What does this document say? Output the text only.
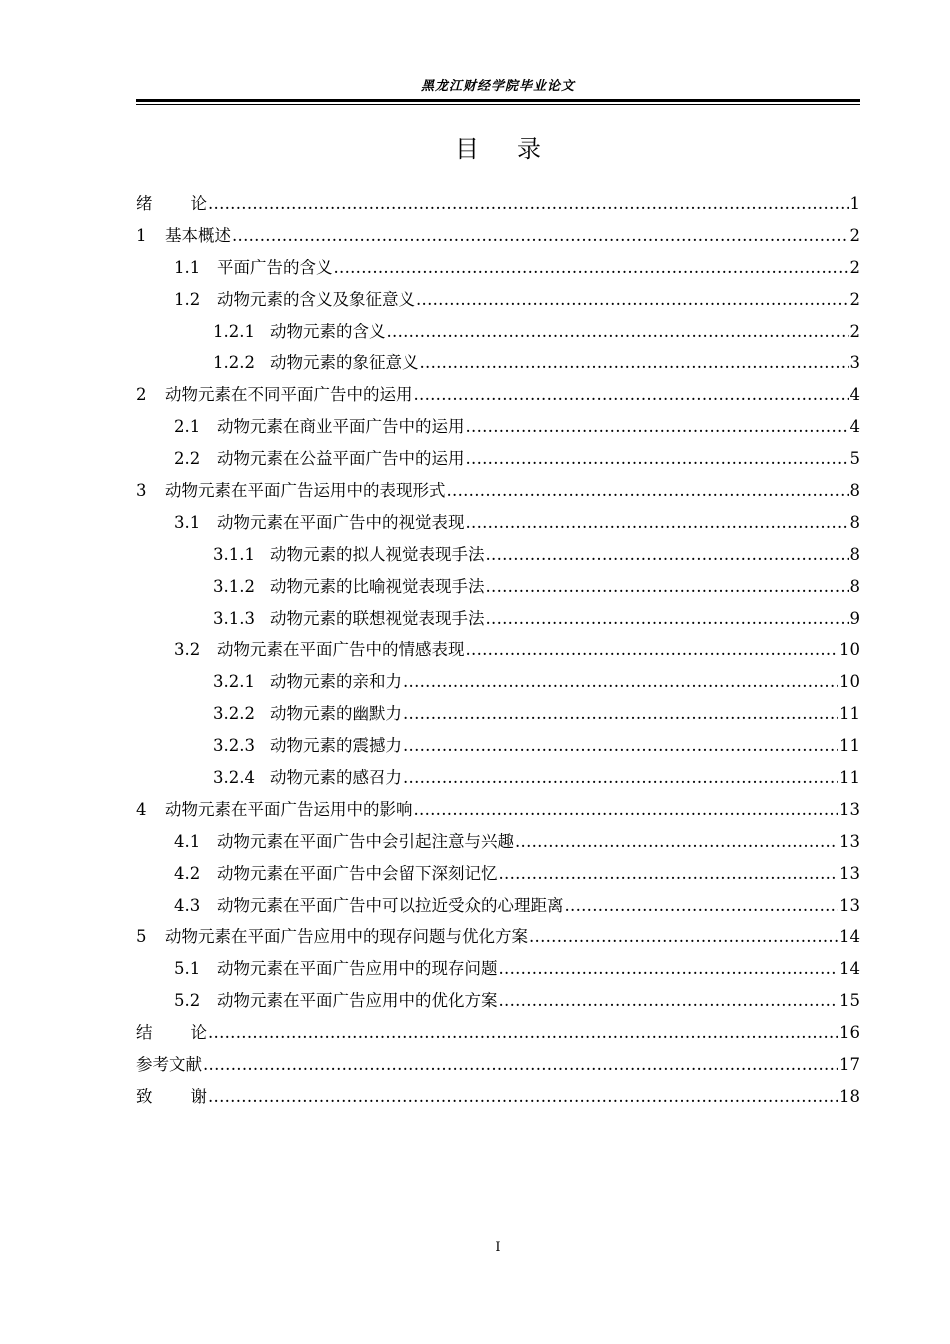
黑龙江财经学院毕业论文
目 录
绪 论 .....	1
1	基本概述 .....	2
1.1	平面广告的含义 .....	2
1.2	动物元素的含义及象征意义 .....	2
1.2.1 动物元素的含义 .....	2
1.2.2 动物元素的象征意义 .....	3
2	动物元素在不同平面广告中的运用 .....	4
2.1	动物元素在商业平面广告中的运用 .....	4
2.2	动物元素在公益平面广告中的运用 .....	5
3	动物元素在平面广告运用中的表现形式 .....	8
3.1	动物元素在平面广告中的视觉表现 .....	8
3.1.1 动物元素的拟人视觉表现手法 .....	8
3.1.2 动物元素的比喻视觉表现手法 .....	8
3.1.3 动物元素的联想视觉表现手法 .....	9
3.2	动物元素在平面广告中的情感表现 .....	10
3.2.1 动物元素的亲和力 .....	10
3.2.2 动物元素的幽默力 .....	11
3.2.3 动物元素的震撼力 .....	11
3.2.4 动物元素的感召力 .....	11
4	动物元素在平面广告运用中的影响 .....	13
4.1	动物元素在平面广告中会引起注意与兴趣 .....	13
4.2	动物元素在平面广告中会留下深刻记忆 .....	13
4.3	动物元素在平面广告中可以拉近受众的心理距离 .....	13
5	动物元素在平面广告应用中的现存问题与优化方案 .....	14
5.1	动物元素在平面广告应用中的现存问题 .....	14
5.2	动物元素在平面广告应用中的优化方案 .....	15
结 论 .....	16
参考文献 .....	17
致 谢 .....	18
I
